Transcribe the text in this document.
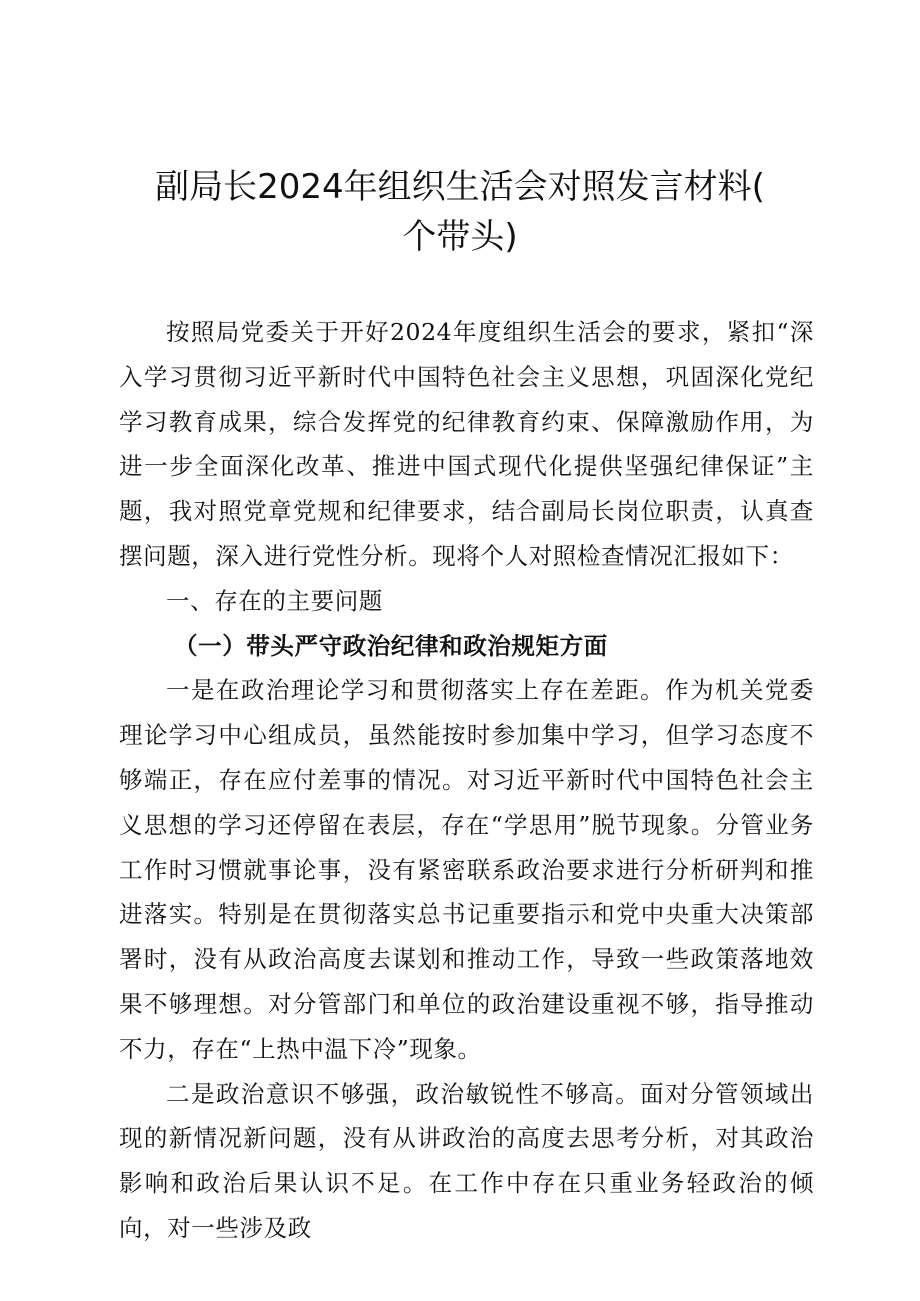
副局长2024年组织生活会对照发言材料(
个带头)

按照局党委关于开好2024年度组织生活会的要求，紧扣“深入学习贯彻习近平新时代中国特色社会主义思想，巩固深化党纪学习教育成果，综合发挥党的纪律教育约束、保障激励作用，为进一步全面深化改革、推进中国式现代化提供坚强纪律保证”主题，我对照党章党规和纪律要求，结合副局长岗位职责，认真查摆问题，深入进行党性分析。现将个人对照检查情况汇报如下：

一、存在的主要问题

（一）带头严守政治纪律和政治规矩方面

一是在政治理论学习和贯彻落实上存在差距。作为机关党委理论学习中心组成员，虽然能按时参加集中学习，但学习态度不够端正，存在应付差事的情况。对习近平新时代中国特色社会主义思想的学习还停留在表层，存在“学思用”脱节现象。分管业务工作时习惯就事论事，没有紧密联系政治要求进行分析研判和推进落实。特别是在贯彻落实总书记重要指示和党中央重大决策部署时，没有从政治高度去谋划和推动工作，导致一些政策落地效果不够理想。对分管部门和单位的政治建设重视不够，指导推动不力，存在“上热中温下冷”现象。

二是政治意识不够强，政治敏锐性不够高。面对分管领域出现的新情况新问题，没有从讲政治的高度去思考分析，对其政治影响和政治后果认识不足。在工作中存在只重业务轻政治的倾向，对一些涉及政
